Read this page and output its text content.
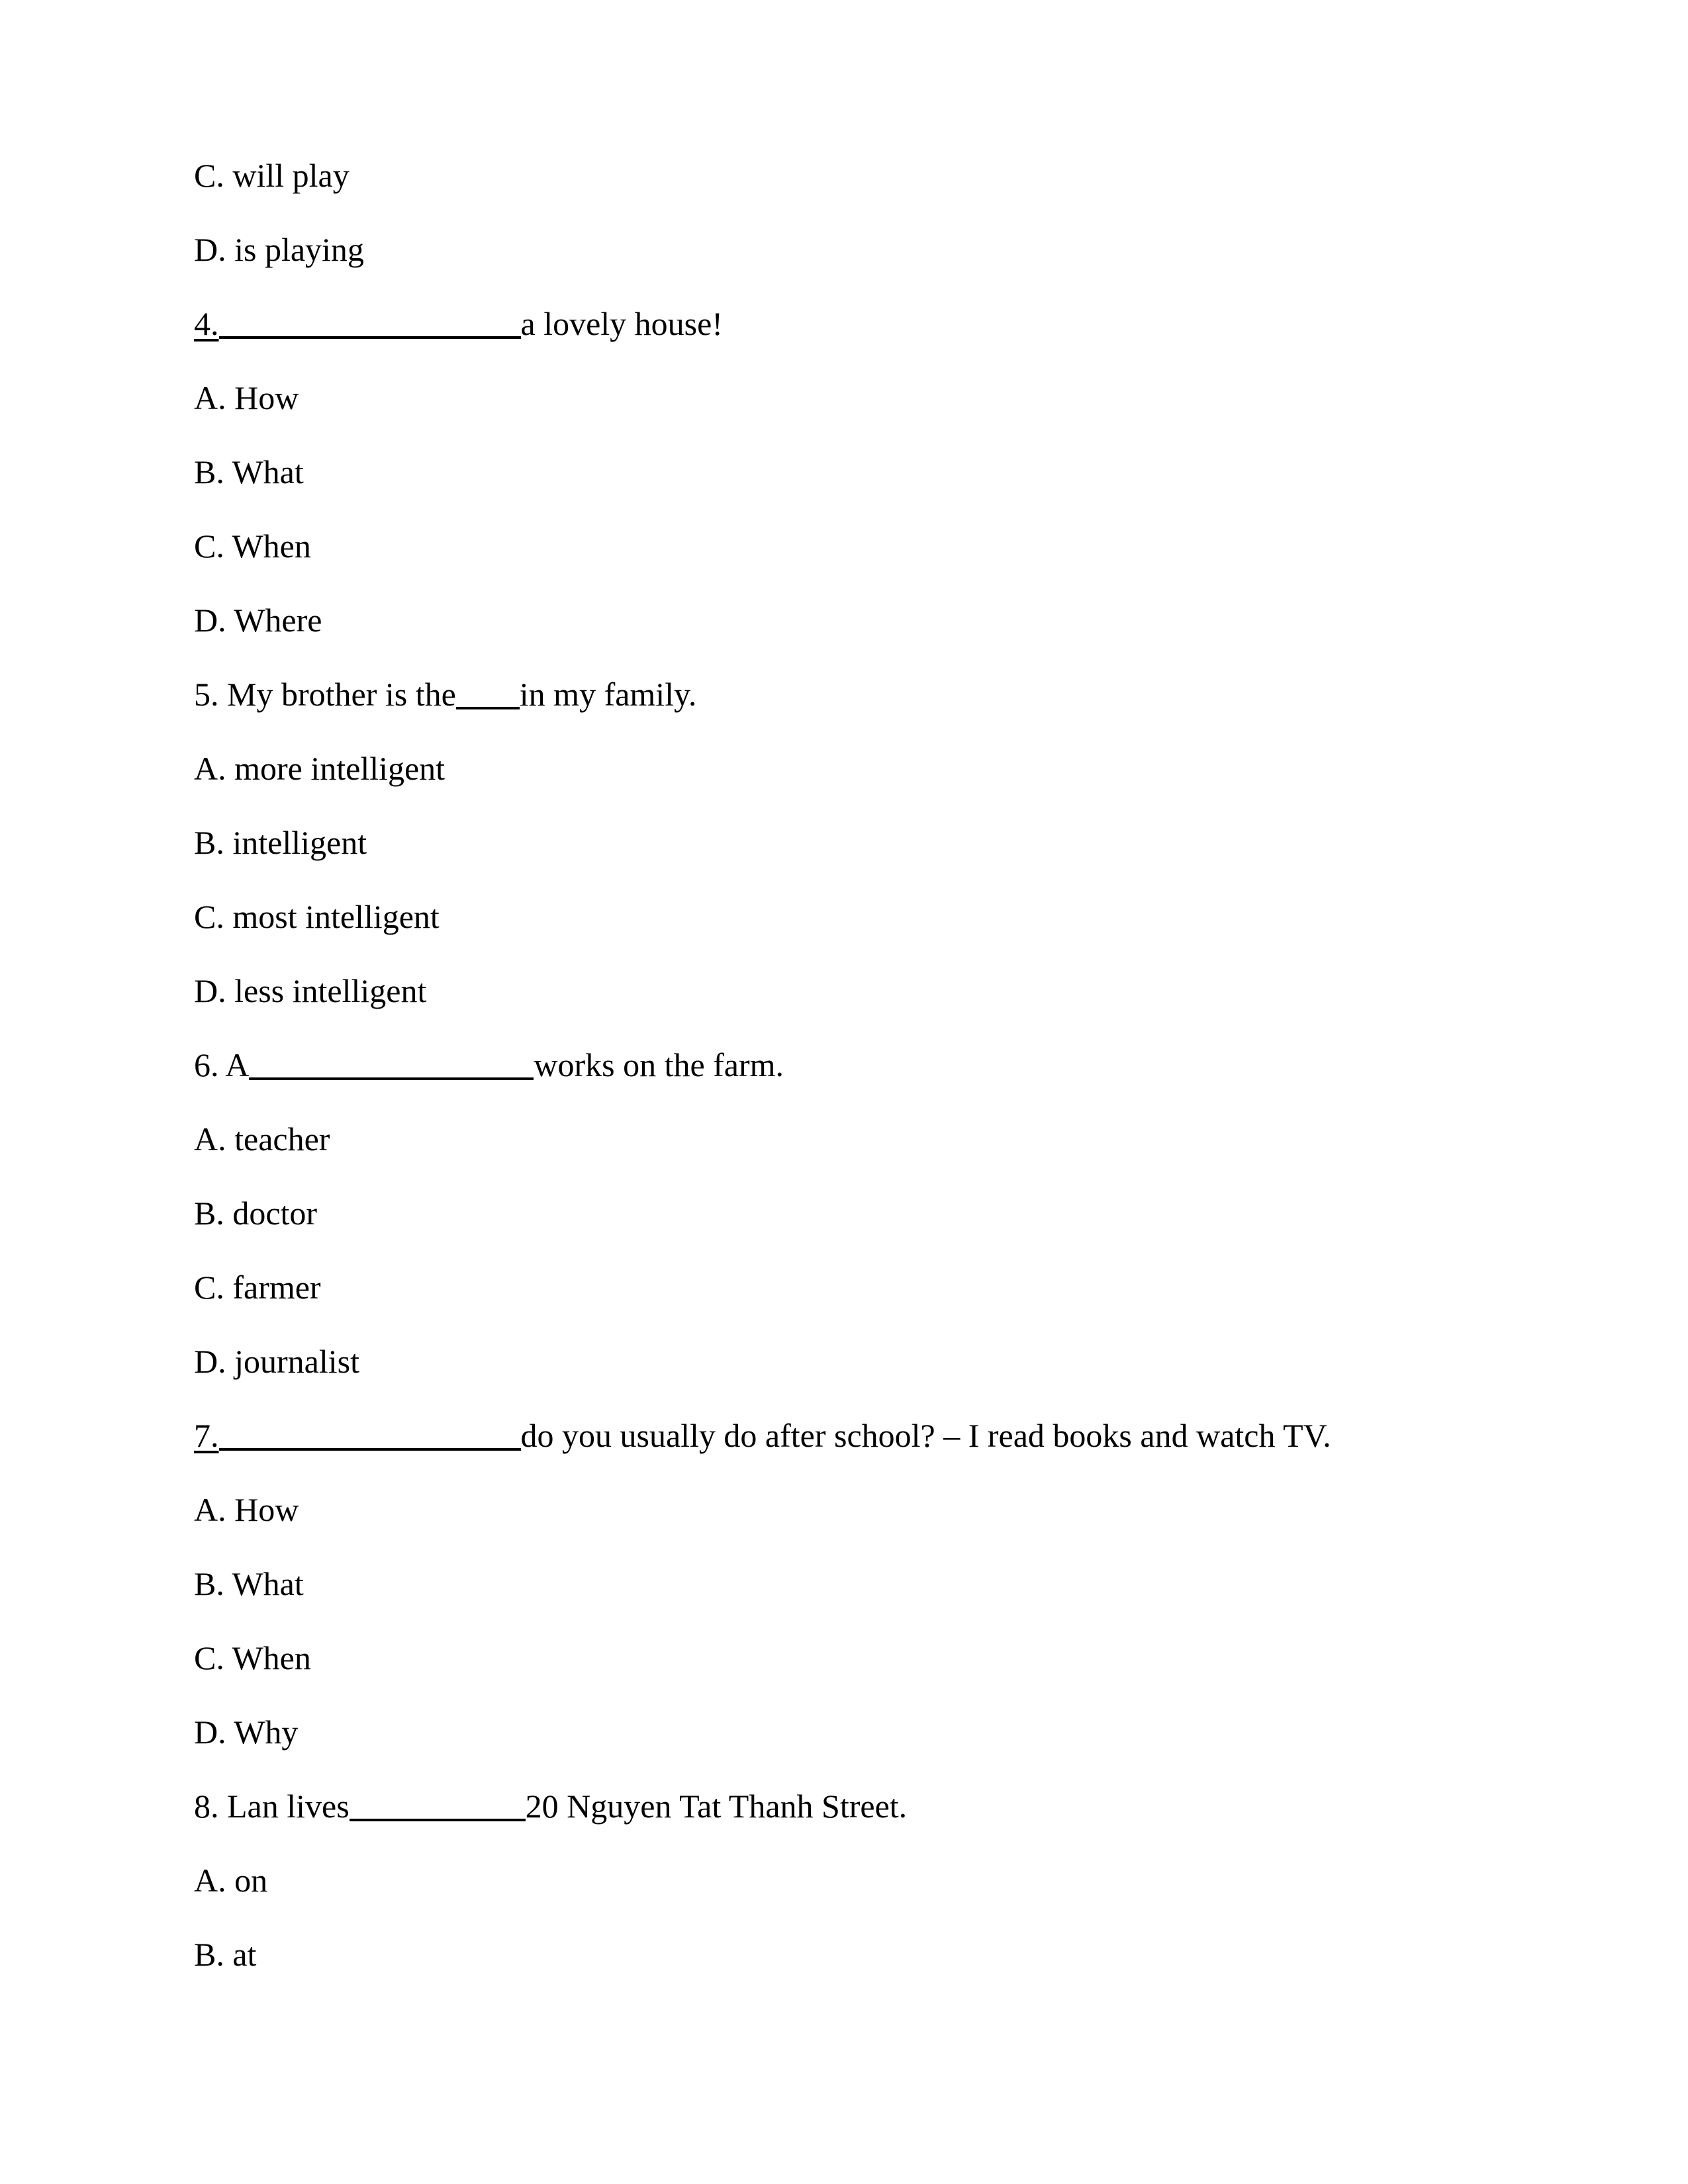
C. will play
D. is playing
4.	a lovely house!
A. How
B. What
C. When
D. Where
5. My brother is the in my family.
A. more intelligent
B. intelligent
C. most intelligent
D. less intelligent
6. A	works on the farm.
A. teacher
B. doctor
C. farmer
D. journalist
7.	do you usually do after school? – I read books and watch TV.
A. How
B. What
C. When
D. Why
8. Lan lives	20 Nguyen Tat Thanh Street.
A. on
B. at
